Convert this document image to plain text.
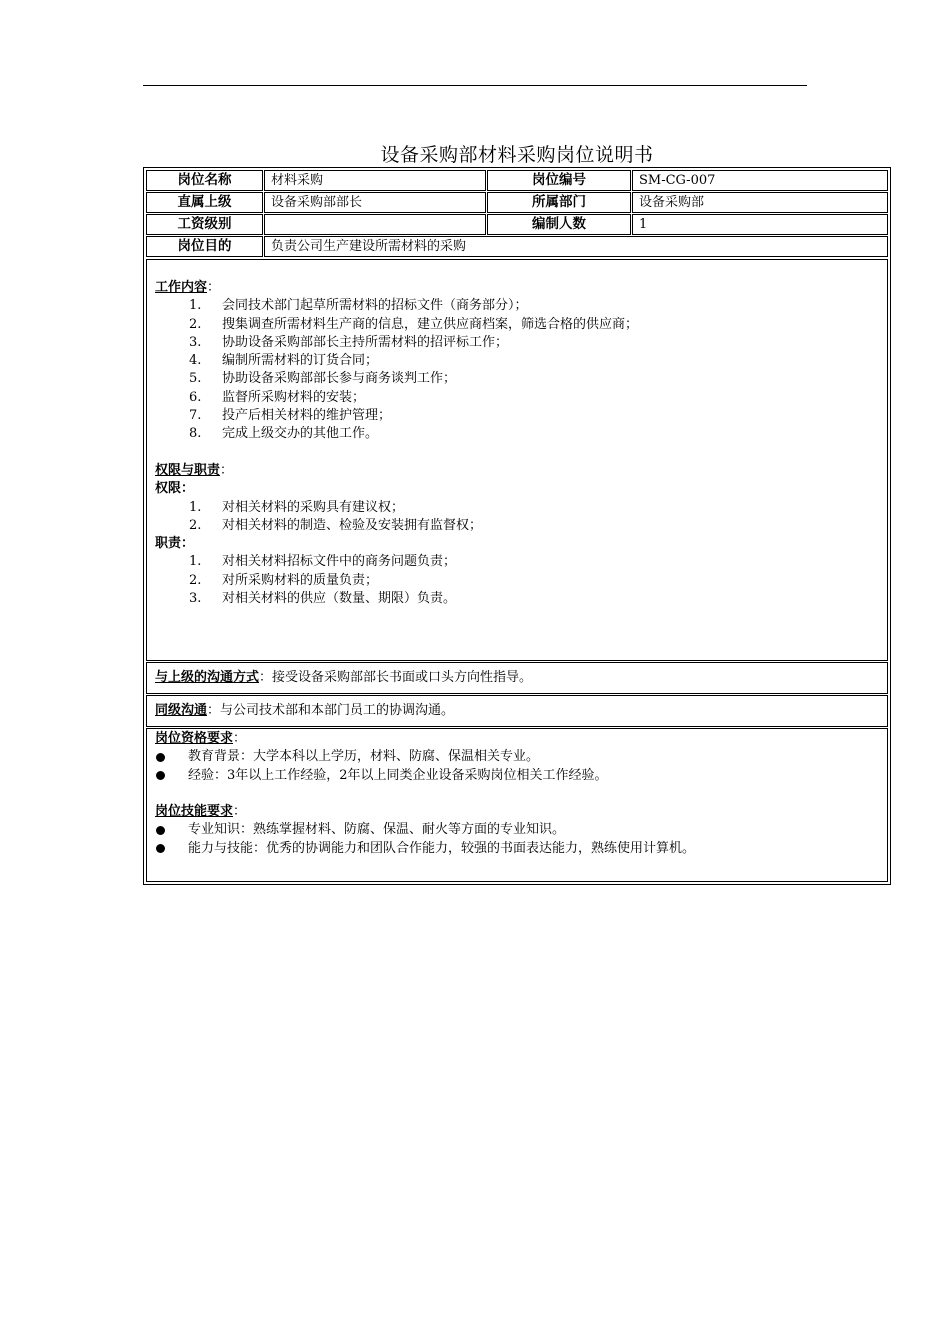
设备采购部材料采购岗位说明书
岗位名称	材料采购	岗位编号	SM-CG-007
直属上级	设备采购部部长	所属部门	设备采购部
工资级别		编制人数	1
岗位目的	负责公司生产建设所需材料的采购		
工作内容：
1.	会同技术部门起草所需材料的招标文件（商务部分）；
2.	搜集调查所需材料生产商的信息，建立供应商档案，筛选合格的供应商；
3.	协助设备采购部部长主持所需材料的招评标工作；
4.	编制所需材料的订货合同；
5.	协助设备采购部部长参与商务谈判工作；
6.	监督所采购材料的安装；
7.	投产后相关材料的维护管理；
8.	完成上级交办的其他工作。
权限与职责：
权限：
1.	对相关材料的采购具有建议权；
2.	对相关材料的制造、检验及安装拥有监督权；
职责：
1.	对相关材料招标文件中的商务问题负责；
2.	对所采购材料的质量负责；
3.	对相关材料的供应（数量、期限）负责。
与上级的沟通方式 ：接受设备采购部部长书面或口头方向性指导。
同级沟通 ：与公司技术部和本部门员工的协调沟通。
岗位资格要求：
教育背景：大学本科以上学历，材料、防腐、保温相关专业。
经验：3年以上工作经验，2年以上同类企业设备采购岗位相关工作经验。
岗位技能要求：
专业知识：熟练掌握材料、防腐、保温、耐火等方面的专业知识。
能力与技能：优秀的协调能力和团队合作能力，较强的书面表达能力，熟练使用计算机。
